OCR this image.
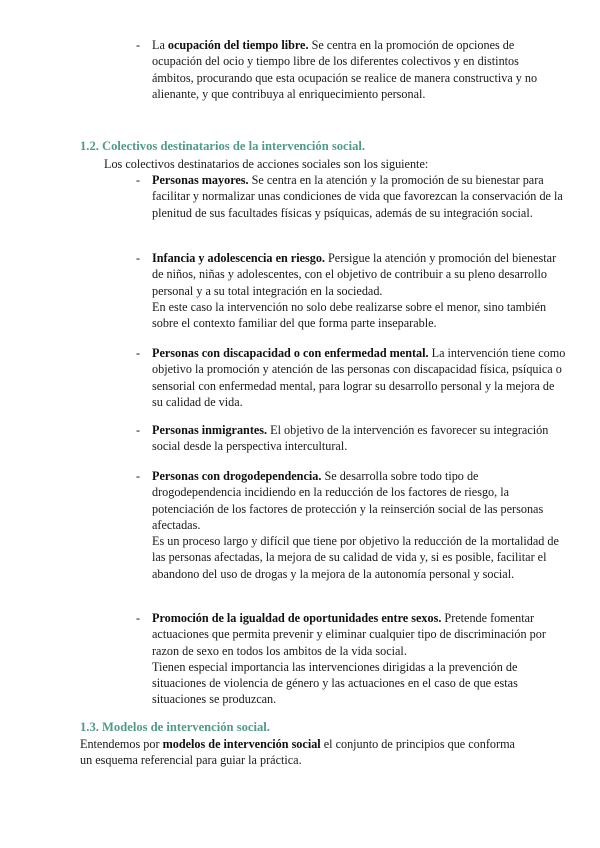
- La ocupación del tiempo libre. Se centra en la promoción de opciones de ocupación del ocio y tiempo libre de los diferentes colectivos y en distintos ámbitos, procurando que esta ocupación se realice de manera constructiva y no alienante, y que contribuya al enriquecimiento personal.

1.2. Colectivos destinatarios de la intervención social.
Los colectivos destinatarios de acciones sociales son los siguiente:
- Personas mayores. Se centra en la atención y la promoción de su bienestar para facilitar y normalizar unas condiciones de vida que favorezcan la conservación de la plenitud de sus facultades físicas y psíquicas, además de su integración social.

- Infancia y adolescencia en riesgo. Persigue la atención y promoción del bienestar de niños, niñas y adolescentes, con el objetivo de contribuir a su pleno desarrollo personal y a su total integración en la sociedad.

En este caso la intervención no solo debe realizarse sobre el menor, sino también sobre el contexto familiar del que forma parte inseparable.

- Personas con discapacidad o con enfermedad mental. La intervención tiene como objetivo la promoción y atención de las personas con discapacidad física, psíquica o sensorial con enfermedad mental, para lograr su desarrollo personal y la mejora de su calidad de vida.

- Personas inmigrantes. El objetivo de la intervención es favorecer su integración social desde la perspectiva intercultural.

- Personas con drogodependencia. Se desarrolla sobre todo tipo de drogodependencia incidiendo en la reducción de los factores de riesgo, la potenciación de los factores de protección y la reinserción social de las personas afectadas.

Es un proceso largo y difícil que tiene por objetivo la reducción de la mortalidad de las personas afectadas, la mejora de su calidad de vida y, si es posible, facilitar el abandono del uso de drogas y la mejora de la autonomía personal y social.

- Promoción de la igualdad de oportunidades entre sexos. Pretende fomentar actuaciones que permita prevenir y eliminar cualquier tipo de discriminación por razon de sexo en todos los ambitos de la vida social.

Tienen especial importancia las intervenciones dirigidas a la prevención de situaciones de violencia de género y las actuaciones en el caso de que estas situaciones se produzcan.

1.3. Modelos de intervención social.
Entendemos por modelos de intervención social el conjunto de principios que conforma un esquema referencial para guiar la práctica.
